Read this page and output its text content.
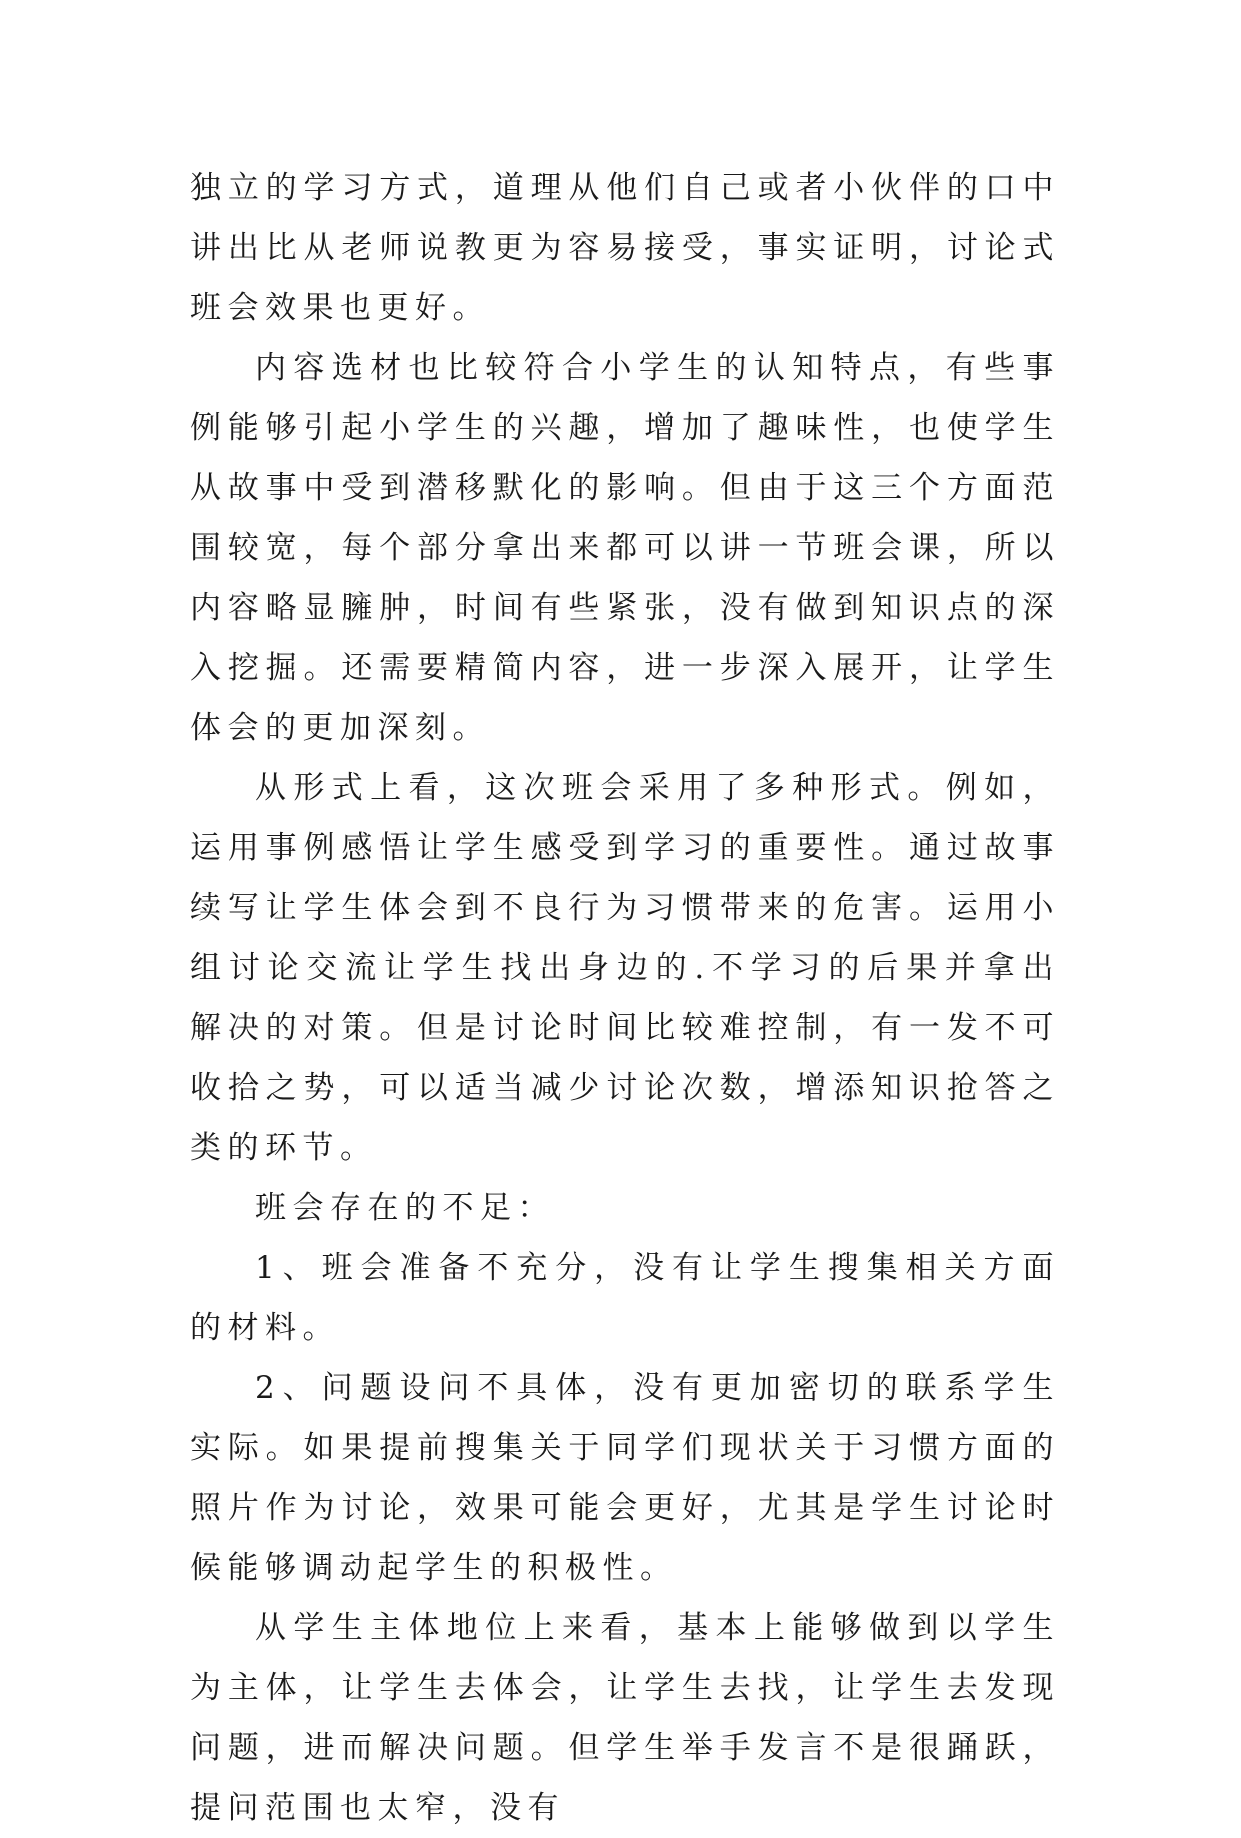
独立的学习方式，道理从他们自己或者小伙伴的口中讲出比从老师说教更为容易接受，事实证明，讨论式班会效果也更好。

内容选材也比较符合小学生的认知特点，有些事例能够引起小学生的兴趣，增加了趣味性，也使学生从故事中受到潜移默化的影响。但由于这三个方面范围较宽，每个部分拿出来都可以讲一节班会课，所以内容略显臃肿，时间有些紧张，没有做到知识点的深入挖掘。还需要精简内容，进一步深入展开，让学生体会的更加深刻。

从形式上看，这次班会采用了多种形式。例如，运用事例感悟让学生感受到学习的重要性。通过故事续写让学生体会到不良行为习惯带来的危害。运用小组讨论交流让学生找出身边的.不学习的后果并拿出解决的对策。但是讨论时间比较难控制，有一发不可收拾之势，可以适当减少讨论次数，增添知识抢答之类的环节。

班会存在的不足：

1、班会准备不充分，没有让学生搜集相关方面的材料。

2、问题设问不具体，没有更加密切的联系学生实际。如果提前搜集关于同学们现状关于习惯方面的照片作为讨论，效果可能会更好，尤其是学生讨论时候能够调动起学生的积极性。

从学生主体地位上来看，基本上能够做到以学生为主体，让学生去体会，让学生去找，让学生去发现问题，进而解决问题。但学生举手发言不是很踊跃，提问范围也太窄，没有
